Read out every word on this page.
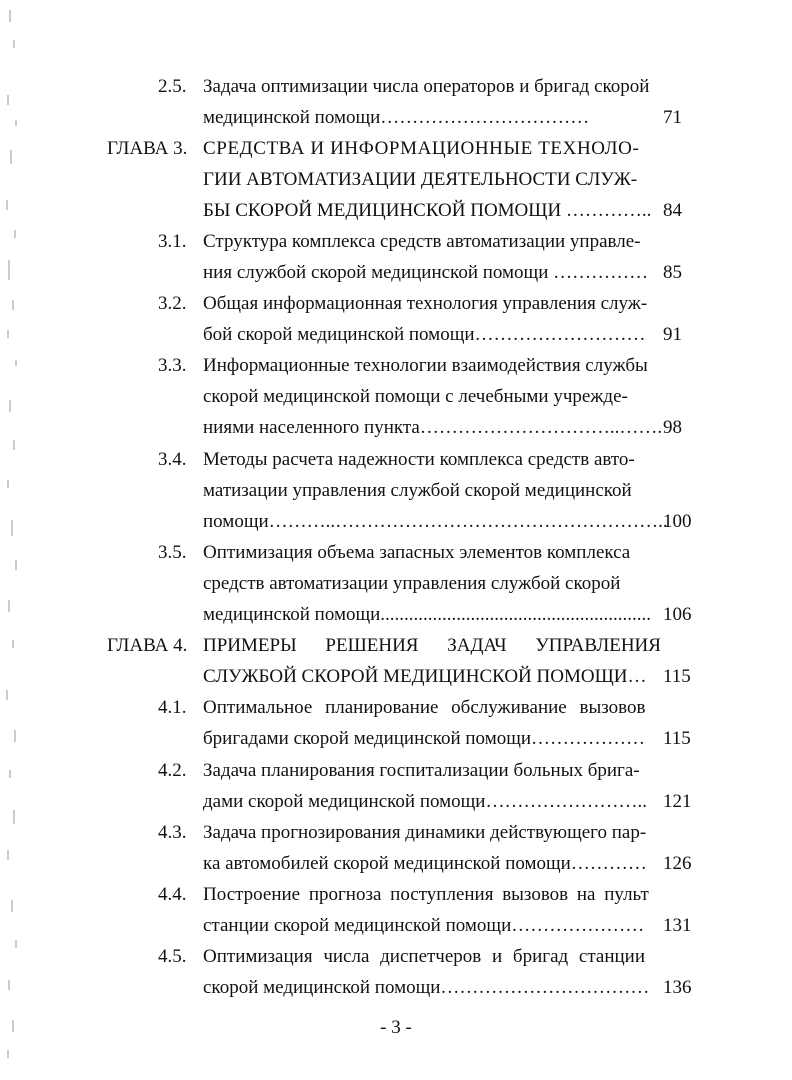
2.5. Задача оптимизации числа операторов и бригад скорой
медицинской помощи……………………………	71
ГЛАВА 3. СРЕДСТВА И ИНФОРМАЦИОННЫЕ ТЕХНОЛО-
ГИИ АВТОМАТИЗАЦИИ ДЕЯТЕЛЬНОСТИ СЛУЖ-
БЫ СКОРОЙ МЕДИЦИНСКОЙ ПОМОЩИ ………….. 84
3.1. Структура комплекса средств автоматизации управле-
ния службой скорой медицинской помощи …………… 85
3.2. Общая информационная технология управления служ-
бой скорой медицинской помощи……………………… 91
3.3. Информационные технологии взаимодействия службы
скорой медицинской помощи с лечебными учрежде-
ниями населенного пункта…………………………..……. 98
3.4. Методы расчета надежности комплекса средств авто-
матизации управления службой скорой медицинской
помощи………..……………………………………………..
100
3.5. Оптимизация объема запасных элементов комплекса
средств автоматизации управления службой скорой
медицинской помощи......................................................... 106
ГЛАВА 4. ПРИМЕРЫ РЕШЕНИЯ ЗАДАЧ УПРАВЛЕНИЯ
СЛУЖБОЙ СКОРОЙ МЕДИЦИНСКОЙ ПОМОЩИ… 115
4.1. Оптимальное планирование обслуживание вызовов
бригадами скорой медицинской помощи……………… 115
4.2. Задача планирования госпитализации больных брига-
дами скорой медицинской помощи…………………….. 121
4.3. Задача прогнозирования динамики действующего пар-
ка автомобилей скорой медицинской помощи………… 126
4.4. Построение прогноза поступления вызовов на пульт
станции скорой медицинской помощи………………… 131
4.5. Оптимизация числа диспетчеров и бригад станции
скорой медицинской помощи…………………………… 136
- 3 -
